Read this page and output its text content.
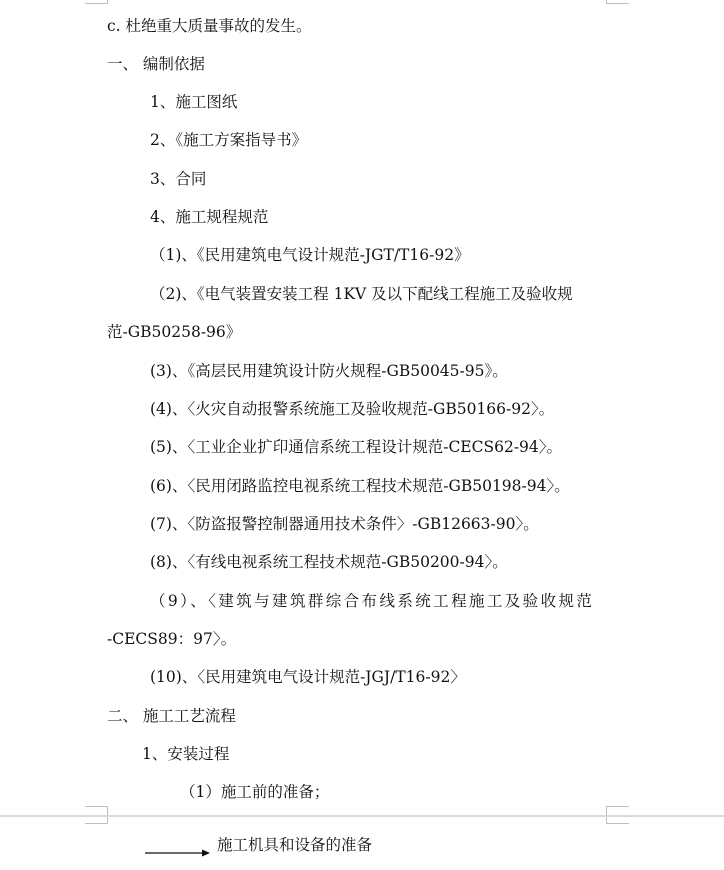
c. 杜绝重大质量事故的发生。
一、 编制依据
1、施工图纸
2、《施工方案指导书》
3、合同
4、施工规程规范
（1)、《民用建筑电气设计规范-JGT/T16-92》
（2)、《电气装置安装工程 1KV 及以下配线工程施工及验收规
范-GB50258-96》
(3)、《高层民用建筑设计防火规程-GB50045-95》。
(4)、〈火灾自动报警系统施工及验收规范-GB50166-92〉。
(5)、〈工业企业扩印通信系统工程设计规范-CECS62-94〉。
(6)、〈民用闭路监控电视系统工程技术规范-GB50198-94〉。
(7)、〈防盗报警控制器通用技术条件〉-GB12663-90〉。
(8)、〈有线电视系统工程技术规范-GB50200-94〉。
（9）、〈建筑与建筑群综合布线系统工程施工及验收规范
-CECS89：97〉。
(10)、〈民用建筑电气设计规范-JGJ/T16-92〉
二、 施工工艺流程
1、安装过程
（1）施工前的准备；
施工机具和设备的准备
